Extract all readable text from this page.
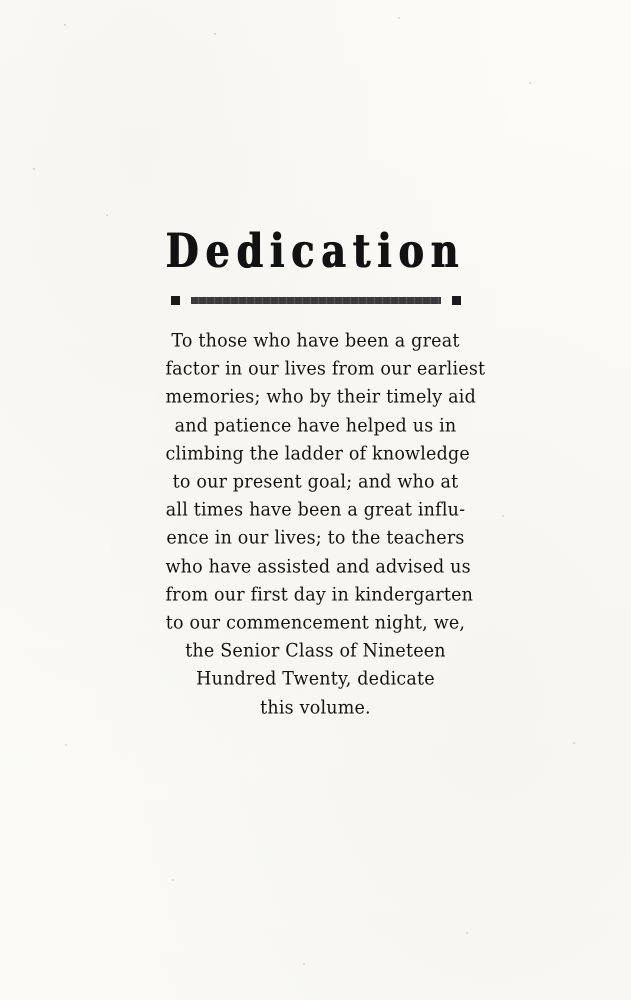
Dedication
To those who have been a great
factor in our lives from our earliest
memories; who by their timely aid
and patience have helped us in
climbing the ladder of knowledge
to our present goal; and who at
all times have been a great influ-
ence in our lives; to the teachers
who have assisted and advised us
from our first day in kindergarten
to our commencement night, we,
the Senior Class of Nineteen
Hundred Twenty, dedicate
this volume.
